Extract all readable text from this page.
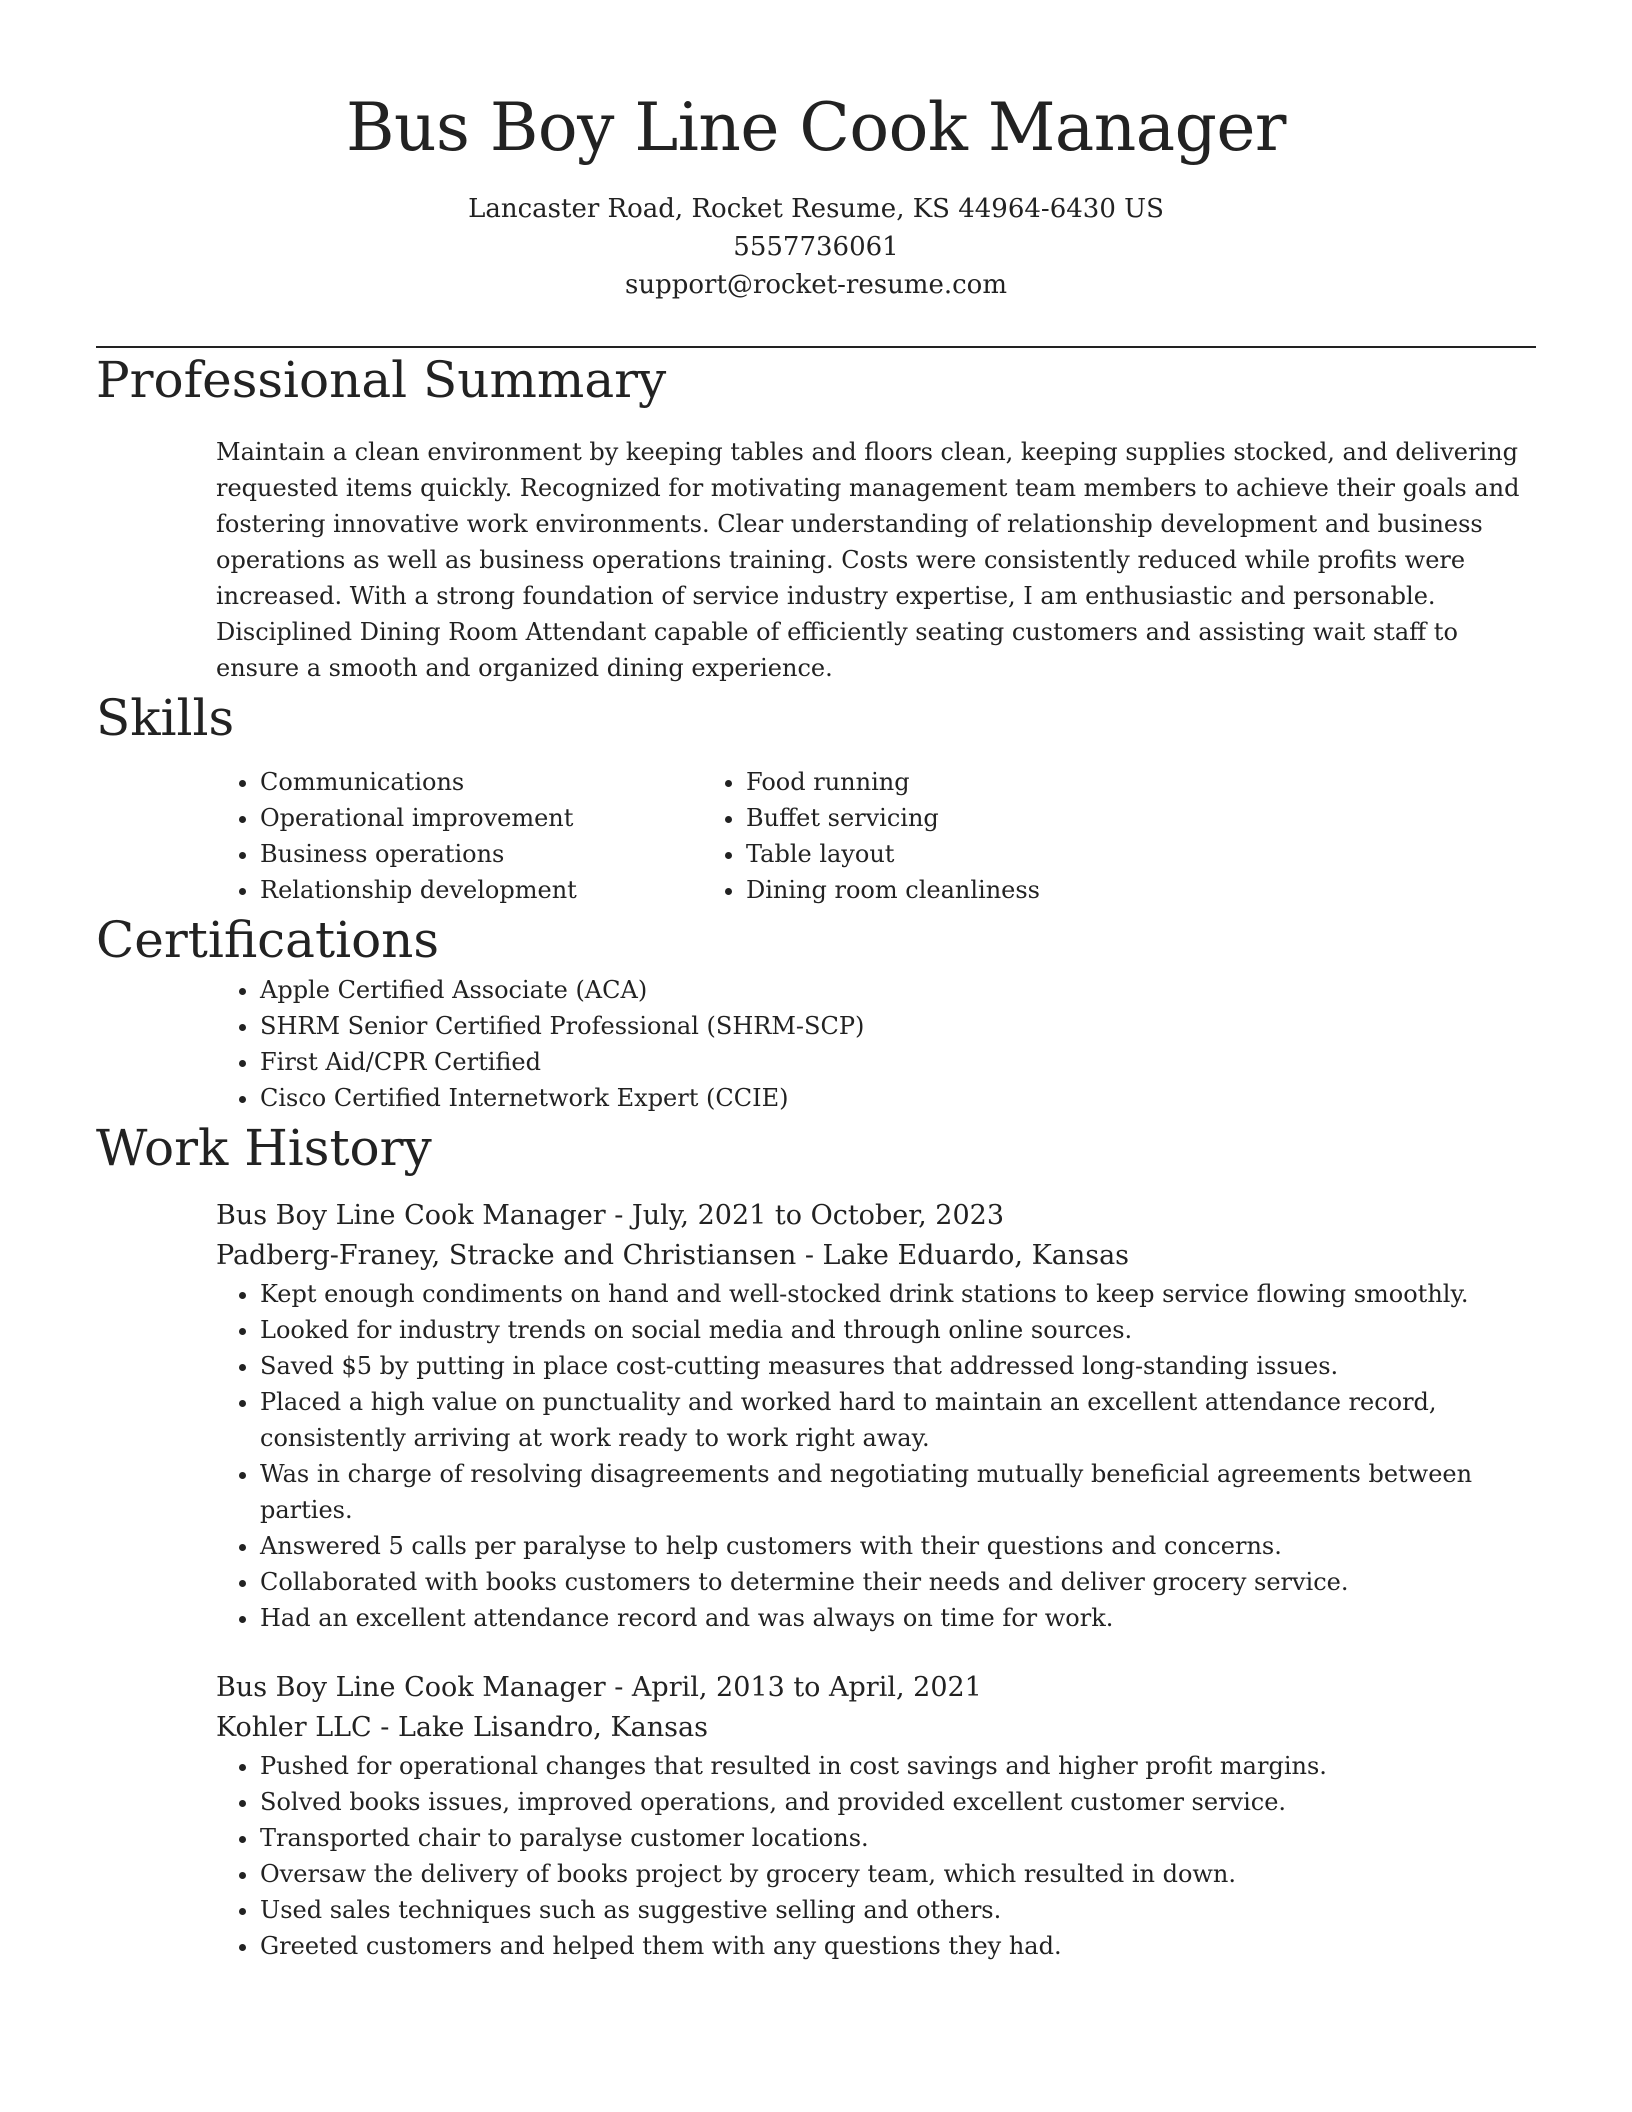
Bus Boy Line Cook Manager
Lancaster Road, Rocket Resume, KS 44964-6430 US
5557736061
support@rocket-resume.com
Professional Summary
Maintain a clean environment by keeping tables and floors clean, keeping supplies stocked, and delivering requested items quickly. Recognized for motivating management team members to achieve their goals and fostering innovative work environments. Clear understanding of relationship development and business operations as well as business operations training. Costs were consistently reduced while profits were increased. With a strong foundation of service industry expertise, I am enthusiastic and personable. Disciplined Dining Room Attendant capable of efficiently seating customers and assisting wait staff to ensure a smooth and organized dining experience.
Skills
• Communications
• Operational improvement
• Business operations
• Relationship development
• Food running
• Buffet servicing
• Table layout
• Dining room cleanliness
Certifications
• Apple Certified Associate (ACA)
• SHRM Senior Certified Professional (SHRM-SCP)
• First Aid/CPR Certified
• Cisco Certified Internetwork Expert (CCIE)
Work History
Bus Boy Line Cook Manager - July, 2021 to October, 2023
Padberg-Franey, Stracke and Christiansen - Lake Eduardo, Kansas
• Kept enough condiments on hand and well-stocked drink stations to keep service flowing smoothly.
• Looked for industry trends on social media and through online sources.
• Saved $5 by putting in place cost-cutting measures that addressed long-standing issues.
• Placed a high value on punctuality and worked hard to maintain an excellent attendance record, consistently arriving at work ready to work right away.
• Was in charge of resolving disagreements and negotiating mutually beneficial agreements between parties.
• Answered 5 calls per paralyse to help customers with their questions and concerns.
• Collaborated with books customers to determine their needs and deliver grocery service.
• Had an excellent attendance record and was always on time for work.
Bus Boy Line Cook Manager - April, 2013 to April, 2021
Kohler LLC - Lake Lisandro, Kansas
• Pushed for operational changes that resulted in cost savings and higher profit margins.
• Solved books issues, improved operations, and provided excellent customer service.
• Transported chair to paralyse customer locations.
• Oversaw the delivery of books project by grocery team, which resulted in down.
• Used sales techniques such as suggestive selling and others.
• Greeted customers and helped them with any questions they had.
